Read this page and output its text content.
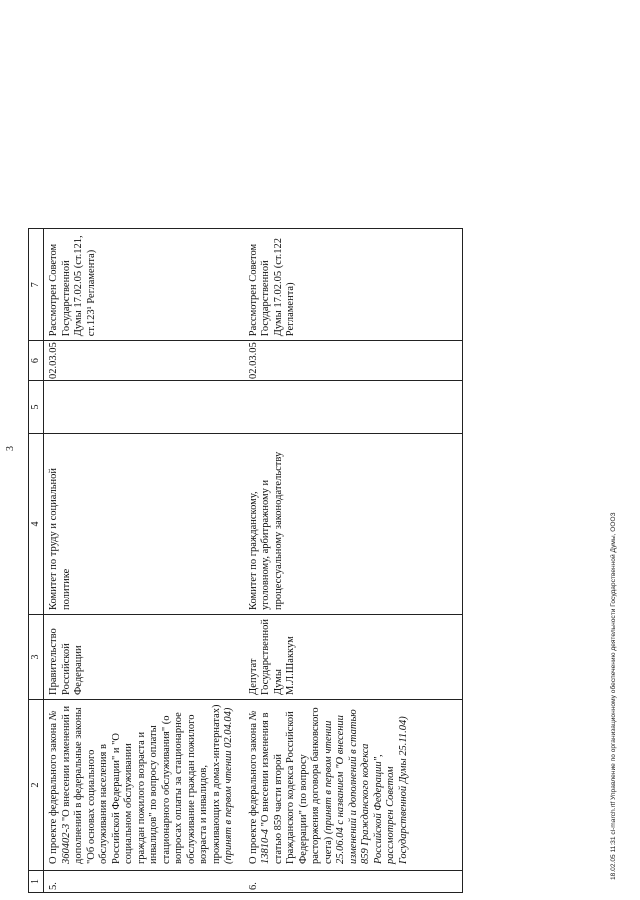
3
1	2	3	4	5	6	7

5.	О проекте федерального закона № 360402-3 "О внесении изменений и дополнений в федеральные законы "Об основах социального обслуживания населения в Российской Федерации" и "О социальном обслуживании граждан пожилого возраста и инвалидов" по вопросу оплаты стационарного обслуживания" (о вопросах оплаты за стационарное обслуживание граждан пожилого возраста и инвалидов, проживающих в домах-интернатах) (принят в первом чтении 02.04.04)	Правительство Российской Федерации	Комитет по труду и социальной политике		02.03.05	Рассмотрен Советом Государственной Думы 17.02.05 (ст.121, ст.123¹ Регламента)

6.	О проекте федерального закона № 13810-4 "О внесении изменения в статью 859 части второй Гражданского кодекса Российской Федерации" (по вопросу расторжения договора банковского счета) (принят в первом чтении 25.06.04 с названием "О внесении изменений и дополнений в статью 859 Гражданского кодекса Российской Федерации", рассмотрен Советом Государственной Думы 25.11.04)	Депутат Государственной Думы М.Л.Шаккум	Комитет по гражданскому, уголовному, арбитражному и процессуальному законодательству		02.03.05	Рассмотрен Советом Государственной Думы 17.02.05 (ст.122 Регламента)

18.02.05 11:31 cl-march.rtf Управление по организационному обеспечению деятельности Государственной Думы, ОООЗ
